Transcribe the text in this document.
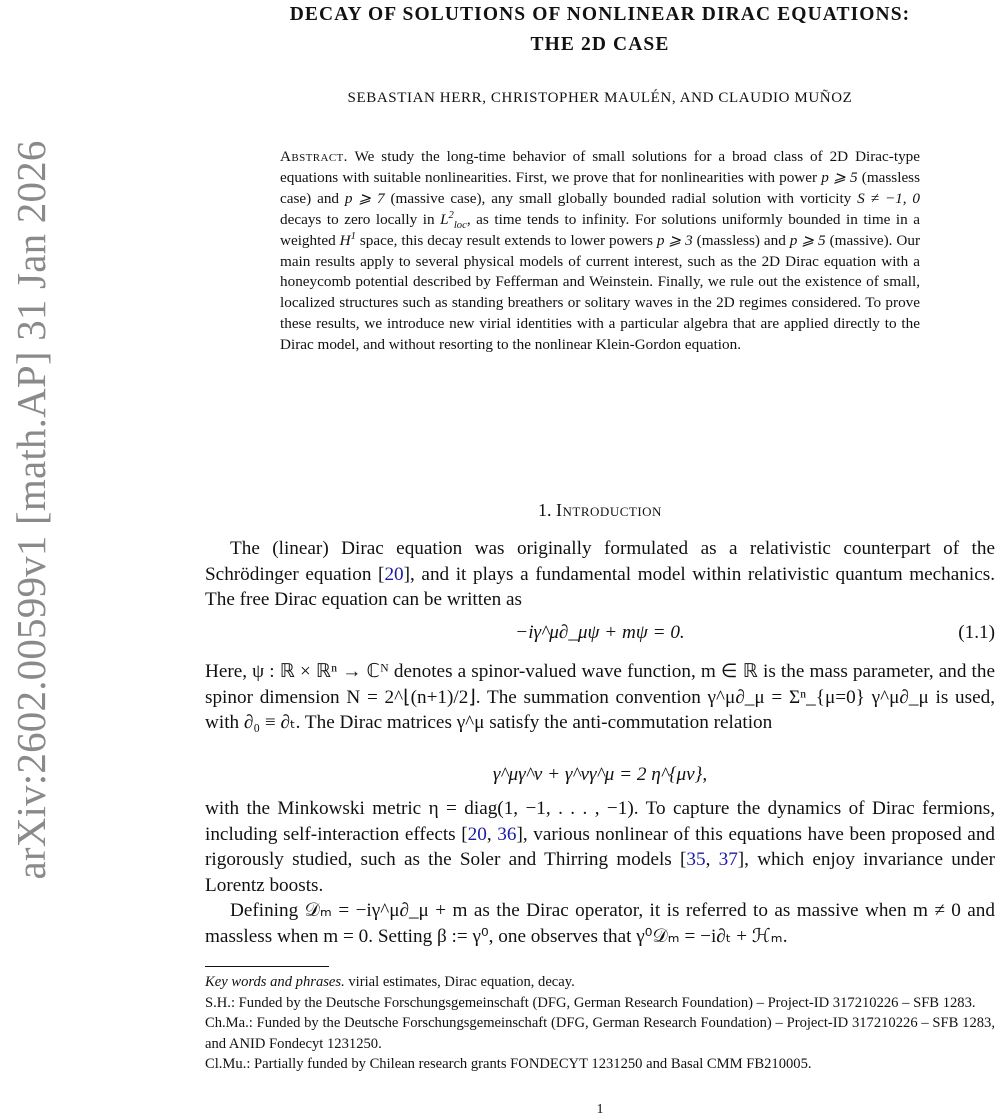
arXiv:2602.00599v1 [math.AP] 31 Jan 2026
DECAY OF SOLUTIONS OF NONLINEAR DIRAC EQUATIONS:
THE 2D CASE
SEBASTIAN HERR, CHRISTOPHER MAULÉN, AND CLAUDIO MUÑOZ
Abstract. We study the long-time behavior of small solutions for a broad class of 2D Dirac-type equations with suitable nonlinearities. First, we prove that for nonlinearities with power p ⩾ 5 (massless case) and p ⩾ 7 (massive case), any small globally bounded radial solution with vorticity S ≠ −1, 0 decays to zero locally in $L^2_{loc}$, as time tends to infinity. For solutions uniformly bounded in time in a weighted $H^1$ space, this decay result extends to lower powers p ⩾ 3 (massless) and p ⩾ 5 (massive). Our main results apply to several physical models of current interest, such as the 2D Dirac equation with a honeycomb potential described by Fefferman and Weinstein. Finally, we rule out the existence of small, localized structures such as standing breathers or solitary waves in the 2D regimes considered. To prove these results, we introduce new virial identities with a particular algebra that are applied directly to the Dirac model, and without resorting to the nonlinear Klein-Gordon equation.
1. Introduction
The (linear) Dirac equation was originally formulated as a relativistic counterpart of the Schrödinger equation [20], and it plays a fundamental model within relativistic quantum mechanics. The free Dirac equation can be written as
−iγ^μ∂_μψ + mψ = 0.	(1.1)
Here, ψ : ℝ × ℝⁿ → ℂᴺ denotes a spinor-valued wave function, m ∈ ℝ is the mass parameter, and the spinor dimension N = 2^⌊(n+1)/2⌋. The summation convention γ^μ∂_μ = Σⁿ_{μ=0} γ^μ∂_μ is used, with ∂₀ ≡ ∂ₜ. The Dirac matrices γ^μ satisfy the anti-commutation relation
γ^μγ^ν + γ^νγ^μ = 2 η^{μν},
with the Minkowski metric η = diag(1, −1, . . . , −1). To capture the dynamics of Dirac fermions, including self-interaction effects [20, 36], various nonlinear of this equations have been proposed and rigorously studied, such as the Soler and Thirring models [35, 37], which enjoy invariance under Lorentz boosts.
Defining 𝒟ₘ = −iγ^μ∂_μ + m as the Dirac operator, it is referred to as massive when m ≠ 0 and massless when m = 0. Setting β := γ⁰, one observes that γ⁰𝒟ₘ = −i∂ₜ + ℋₘ.

Key words and phrases. virial estimates, Dirac equation, decay.

S.H.: Funded by the Deutsche Forschungsgemeinschaft (DFG, German Research Foundation) – Project-ID 317210226 – SFB 1283.

Ch.Ma.: Funded by the Deutsche Forschungsgemeinschaft (DFG, German Research Foundation) – Project-ID 317210226 – SFB 1283, and ANID Fondecyt 1231250.

Cl.Mu.: Partially funded by Chilean research grants FONDECYT 1231250 and Basal CMM FB210005.

1
